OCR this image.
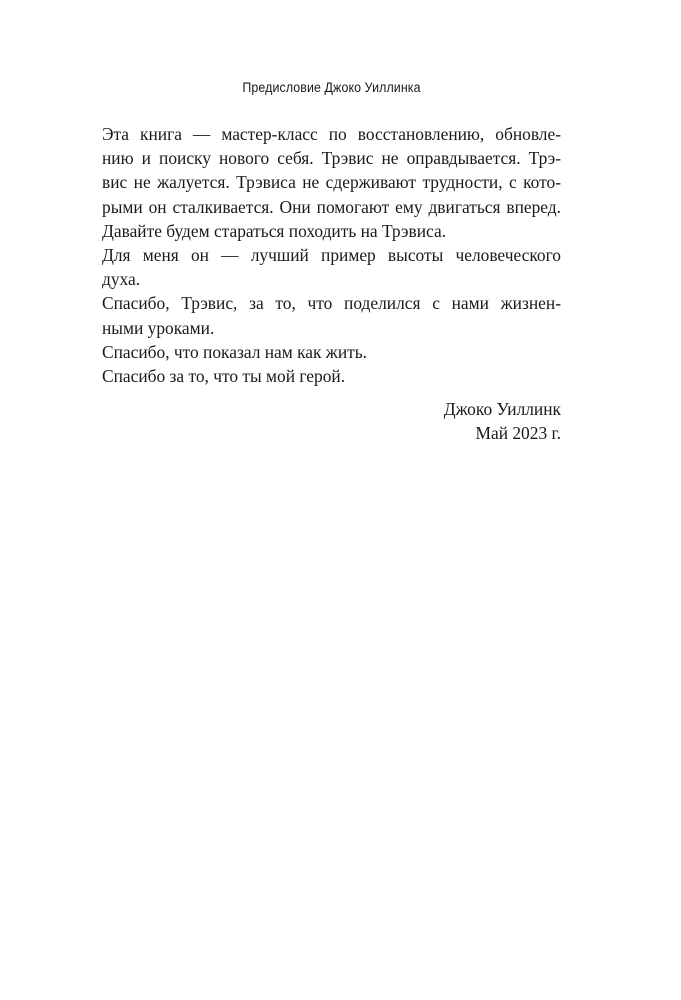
Предисловие Джоко Уиллинка
Эта книга — мастер-класс по восстановлению, обновле-
нию и поиску нового себя. Трэвис не оправдывается. Трэ-
вис не жалуется. Трэвиса не сдерживают трудности, с кото-
рыми он сталкивается. Они помогают ему двигаться вперед.
Давайте будем стараться походить на Трэвиса.
Для меня он — лучший пример высоты человеческого
духа.
Спасибо, Трэвис, за то, что поделился с нами жизнен-
ными уроками.
Спасибо, что показал нам как жить.
Спасибо за то, что ты мой герой.
Джоко Уиллинк
Май 2023 г.
